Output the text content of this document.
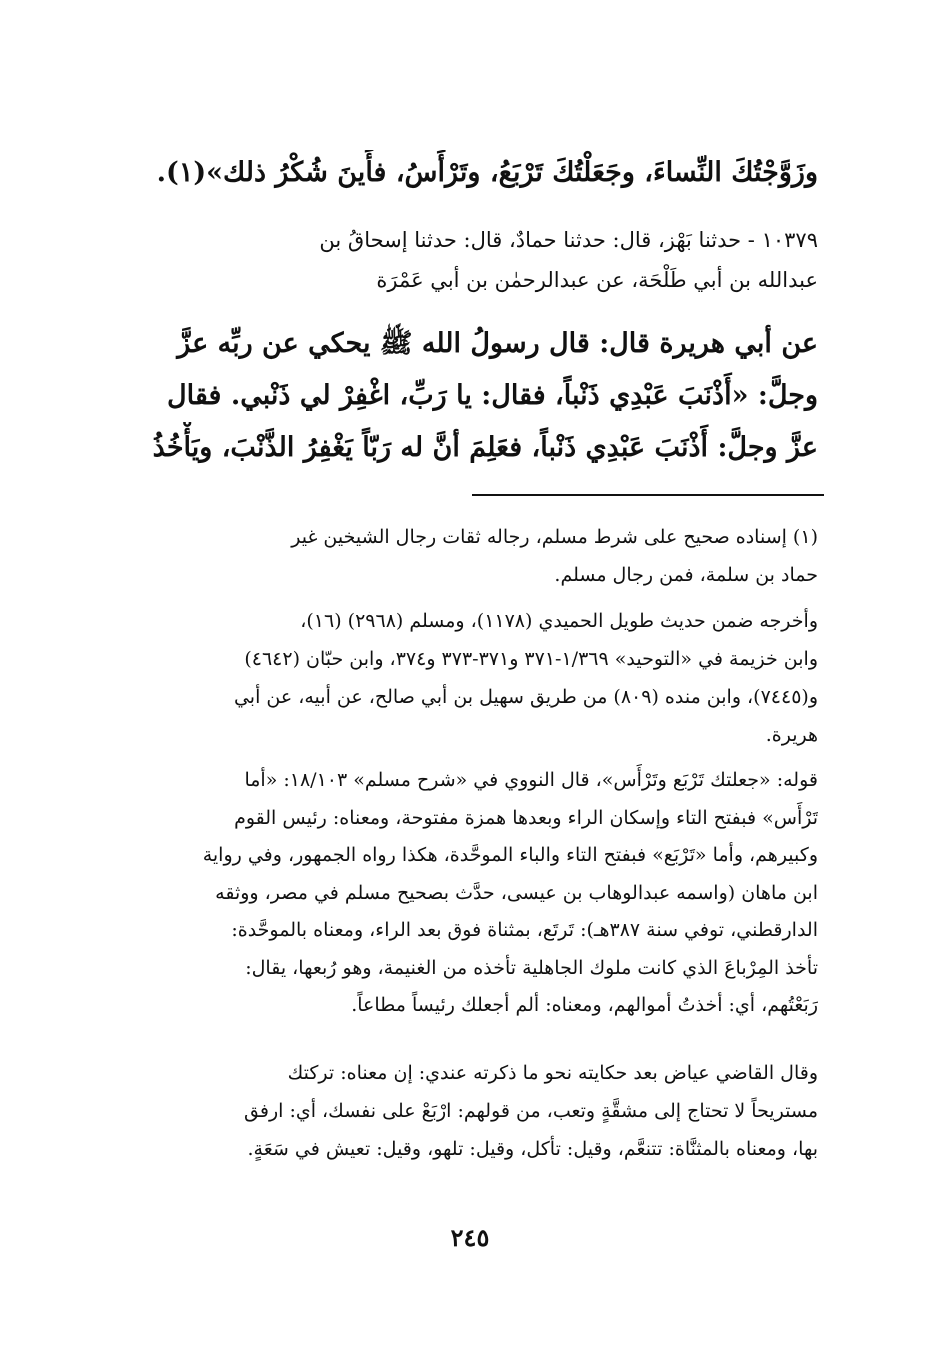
وزَوَّجْتُكَ النِّساءَ، وجَعَلْتُكَ تَرْبَعُ، وتَرْأَسُ، فأَينَ شُكْرُ ذلك»(١).
١٠٣٧٩ - حدثنا بَهْز، قال: حدثنا حمادٌ، قال: حدثنا إسحاقُ بن
عبدالله بن أبي طَلْحَة، عن عبدالرحمٰن بن أبي عَمْرَة
عن أبي هريرة قال: قال رسولُ الله ﷺ يحكي عن ربِّه عزَّ
وجلَّ: «أَذْنَبَ عَبْدِي ذَنْباً، فقال: يا رَبِّ، اغْفِرْ لي ذَنْبي. فقال
عزَّ وجلَّ: أَذْنَبَ عَبْدِي ذَنْباً، فعَلِمَ أنَّ له رَبّاً يَغْفِرُ الذَّنْبَ، ويَأْخُذُ
(١) إسناده صحيح على شرط مسلم، رجاله ثقات رجال الشيخين غير
حماد بن سلمة، فمن رجال مسلم.
وأخرجه ضمن حديث طويل الحميدي (١١٧٨)، ومسلم (٢٩٦٨) (١٦)،
وابن خزيمة في «التوحيد» ١/٣٦٩-٣٧١ و٣٧١-٣٧٣ و٣٧٤، وابن حبّان (٤٦٤٢)
و(٧٤٤٥)، وابن منده (٨٠٩) من طريق سهيل بن أبي صالح، عن أبيه، عن أبي
هريرة.
قوله: «جعلتك تَرْبَع وتَرْأَس»، قال النووي في «شرح مسلم» ١٨/١٠٣: «أما
تَرْأَس» فبفتح التاء وإسكان الراء وبعدها همزة مفتوحة، ومعناه: رئيس القوم
وكبيرهم، وأما «تَرْبَع» فبفتح التاء والباء الموحَّدة، هكذا رواه الجمهور، وفي رواية
ابن ماهان (واسمه عبدالوهاب بن عيسى، حدَّث بصحيح مسلم في مصر، ووثقه
الدارقطني، توفي سنة ٣٨٧هـ): تَرتَع، بمثناة فوق بعد الراء، ومعناه بالموحَّدة:
تأخذ المِرْباعَ الذي كانت ملوك الجاهلية تأخذه من الغنيمة، وهو رُبعها، يقال:
رَبَعْتُهم، أي: أخذتُ أموالهم، ومعناه: ألم أجعلك رئيساً مطاعاً.
وقال القاضي عياض بعد حكايته نحو ما ذكرته عندي: إن معناه: تركتك
مستريحاً لا تحتاج إلى مشقَّةٍ وتعب، من قولهم: ارْبَعْ على نفسك، أي: ارفق
بها، ومعناه بالمثنَّاة: تتنعَّم، وقيل: تأكل، وقيل: تلهو، وقيل: تعيش في سَعَةٍ.
٢٤٥
